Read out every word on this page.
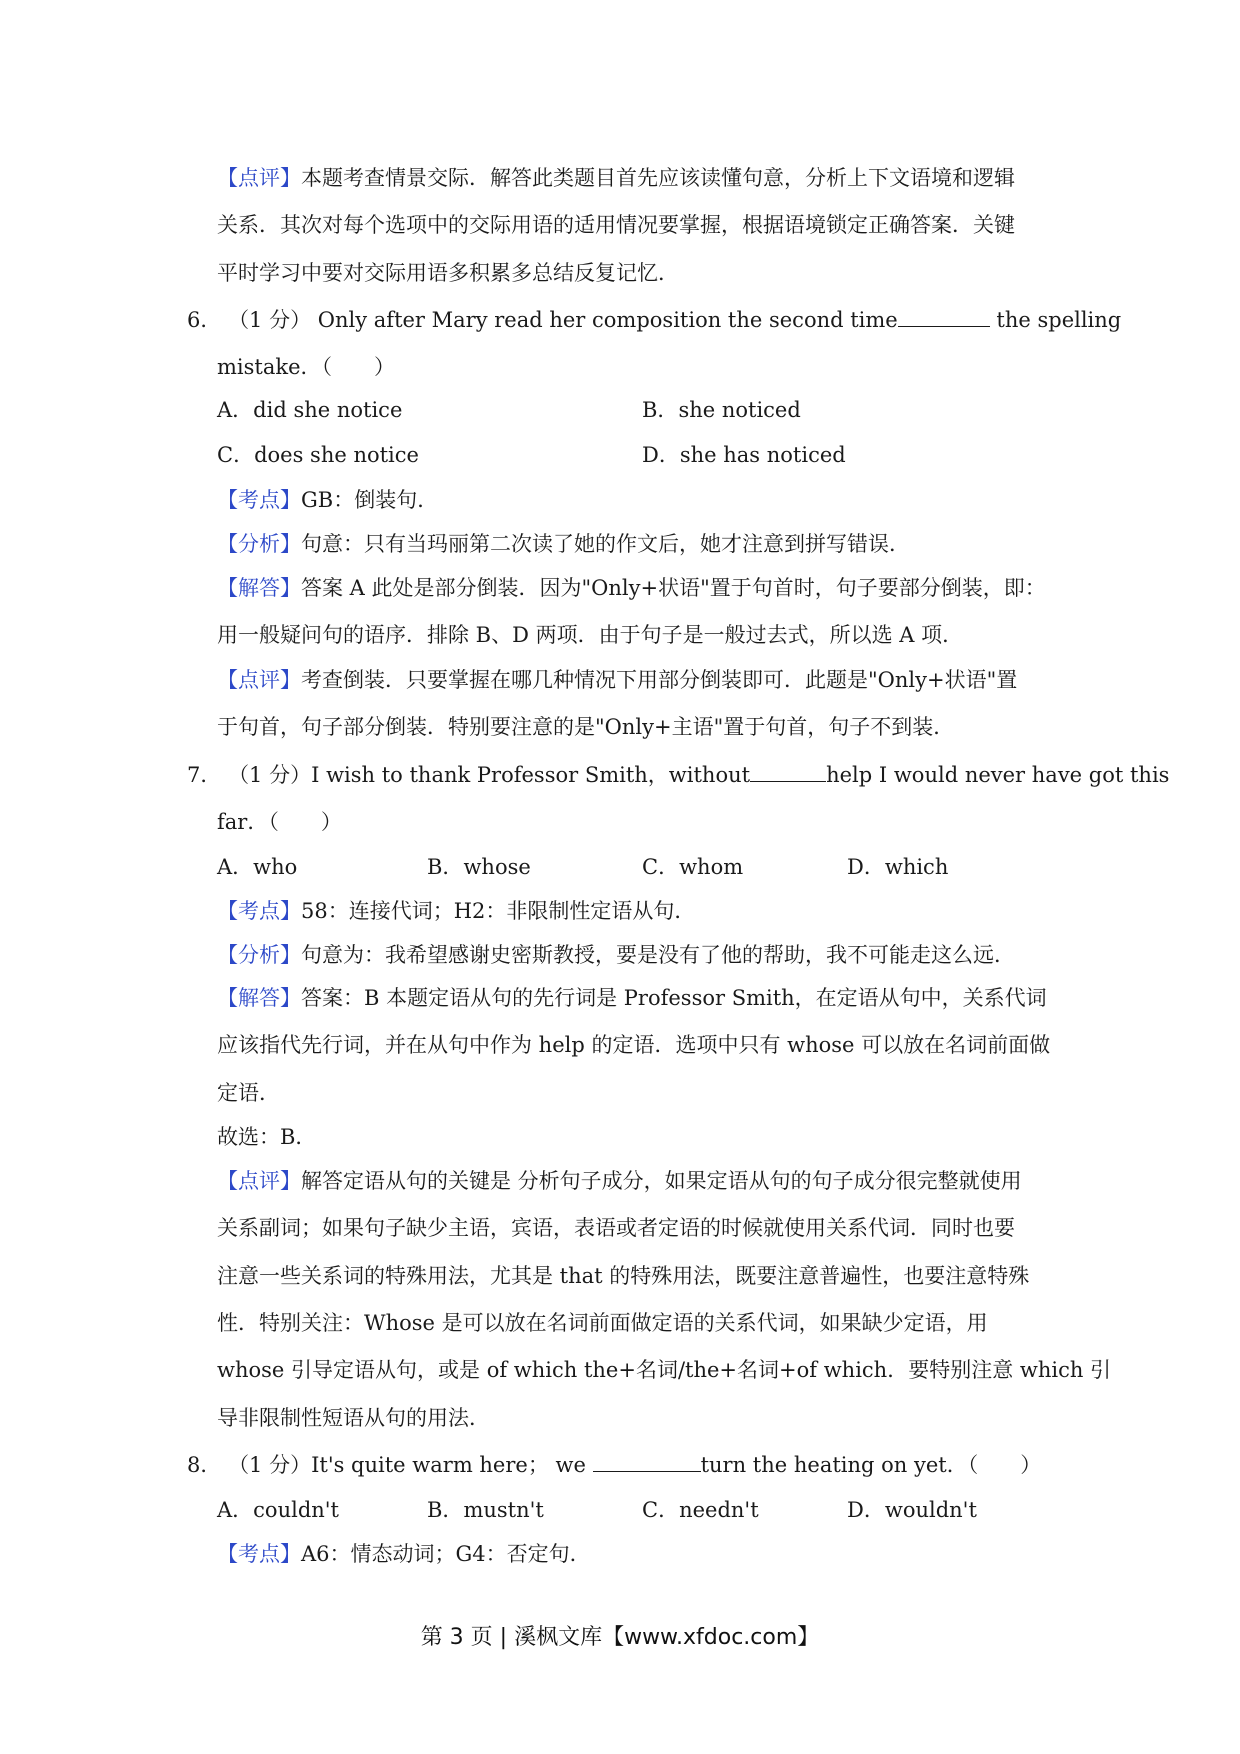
【点评】本题考查情景交际．解答此类题目首先应该读懂句意，分析上下文语境和逻辑
关系．其次对每个选项中的交际用语的适用情况要掌握，根据语境锁定正确答案．关键
平时学习中要对交际用语多积累多总结反复记忆．
6． （1 分） Only after Mary read her composition the second time	the spelling
mistake．（　　）
A．did she notice	B．she noticed
C．does she notice	D．she has noticed
【考点】GB：倒装句．
【分析】句意：只有当玛丽第二次读了她的作文后，她才注意到拼写错误．
【解答】答案 A 此处是部分倒装．因为"Only+状语"置于句首时，句子要部分倒装，即：
用一般疑问句的语序．排除 B、D 两项．由于句子是一般过去式，所以选 A 项．
【点评】考查倒装．只要掌握在哪几种情况下用部分倒装即可．此题是"Only+状语"置
于句首，句子部分倒装．特别要注意的是"Only+主语"置于句首，句子不到装．
7． （1 分）I wish to thank Professor Smith，without	help I would never have got this
far．（　　）
A．who	B．whose	C．whom	D．which
【考点】58：连接代词；H2：非限制性定语从句．
【分析】句意为：我希望感谢史密斯教授，要是没有了他的帮助，我不可能走这么远．
【解答】答案：B 本题定语从句的先行词是 Professor Smith，在定语从句中，关系代词
应该指代先行词，并在从句中作为 help 的定语．选项中只有 whose 可以放在名词前面做
定语．
故选：B．
【点评】解答定语从句的关键是 分析句子成分，如果定语从句的句子成分很完整就使用
关系副词；如果句子缺少主语，宾语，表语或者定语的时候就使用关系代词．同时也要
注意一些关系词的特殊用法，尤其是 that 的特殊用法，既要注意普遍性，也要注意特殊
性．特别关注：Whose 是可以放在名词前面做定语的关系代词，如果缺少定语，用
whose 引导定语从句，或是 of which the+名词/the+名词+of which．要特别注意 which 引
导非限制性短语从句的用法．
8． （1 分）It's quite warm here； we	turn the heating on yet．（　　）
A．couldn't	B．mustn't	C．needn't	D．wouldn't
【考点】A6：情态动词；G4：否定句．
第 3 页 | 溪枫文库【www.xfdoc.com】
